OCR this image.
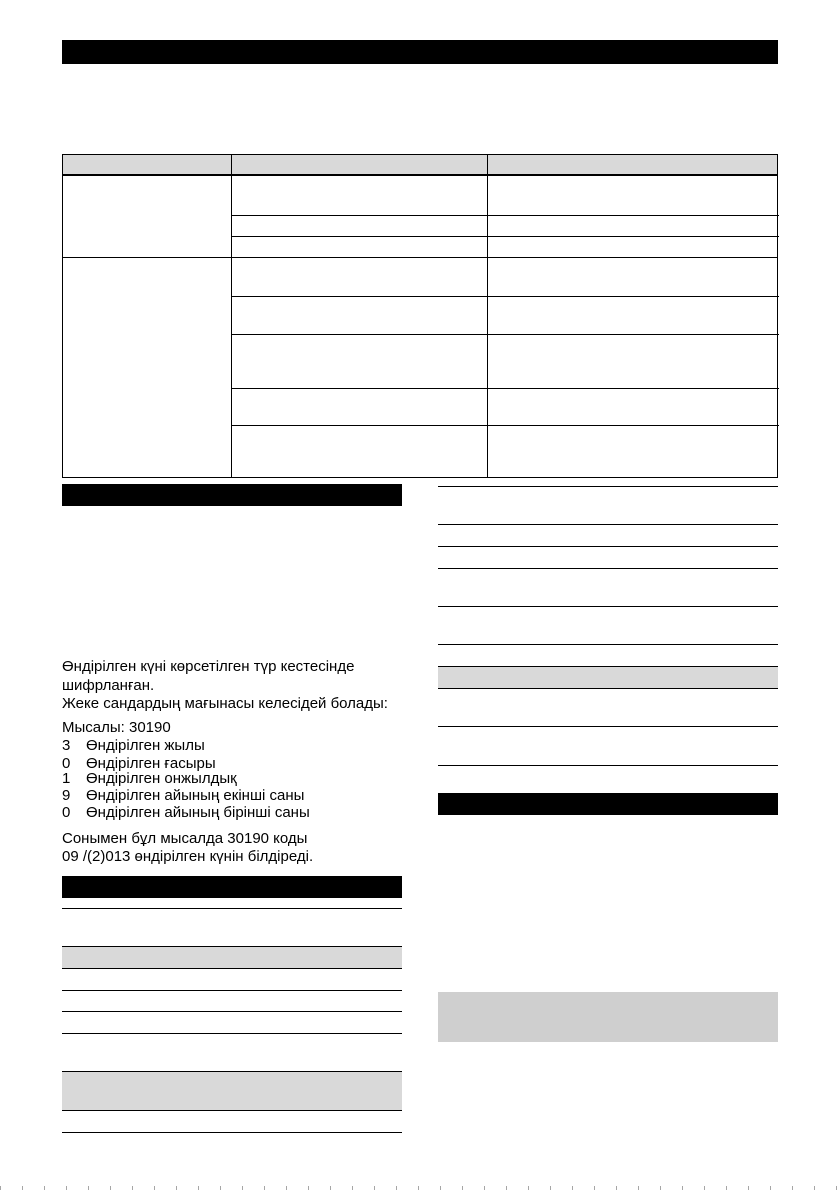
Өндірілген күні көрсетілген түр кестесінде
шифрланған.
Жеке сандардың мағынасы келесідей болады:
Мысалы: 30190
3 Өндірілген жылы
0 Өндірілген ғасыры
1 Өндірілген онжылдық
9 Өндірілген айының екінші саны
0 Өндірілген айының бірінші саны
Сонымен бұл мысалда 30190 коды
09 /(2)013 өндірілген күнін білдіреді.
